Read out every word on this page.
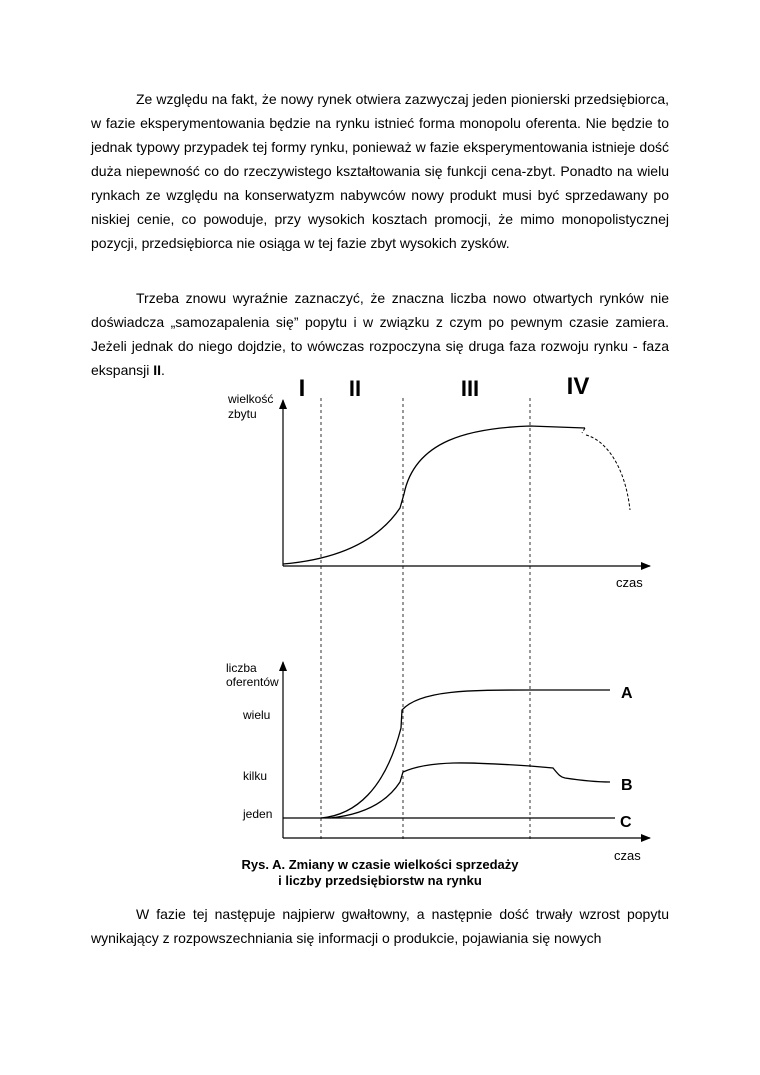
Ze względu na fakt, że nowy rynek otwiera zazwyczaj jeden pionierski przedsiębiorca, w fazie eksperymentowania będzie na rynku istnieć forma monopolu oferenta. Nie będzie to jednak typowy przypadek tej formy rynku, ponieważ w fazie eksperymentowania istnieje dość duża niepewność co do rzeczywistego kształtowania się funkcji cena-zbyt. Ponadto na wielu rynkach ze względu na konserwatyzm nabywców nowy produkt musi być sprzedawany po niskiej cenie, co powoduje, przy wysokich kosztach promocji, że mimo monopolistycznej pozycji, przedsiębiorca nie osiąga w tej fazie zbyt wysokich zysków.

Trzeba znowu wyraźnie zaznaczyć, że znaczna liczba nowo otwartych rynków nie doświadcza „samozapalenia się” popytu i w związku z czym po pewnym czasie zamiera. Jeżeli jednak do niego dojdzie, to wówczas rozpoczyna się druga faza rozwoju rynku - faza ekspansji II.

I II	III	IV
wielkość
zbytu
czas
liczba
oferentów
wielu
kilku
jeden
czas
A
B
C
Rys. A. Zmiany w czasie wielkości sprzedaży
i liczby przedsiębiorstw na rynku

W fazie tej następuje najpierw gwałtowny, a następnie dość trwały wzrost popytu wynikający z rozpowszechniania się informacji o produkcie, pojawiania się nowych
